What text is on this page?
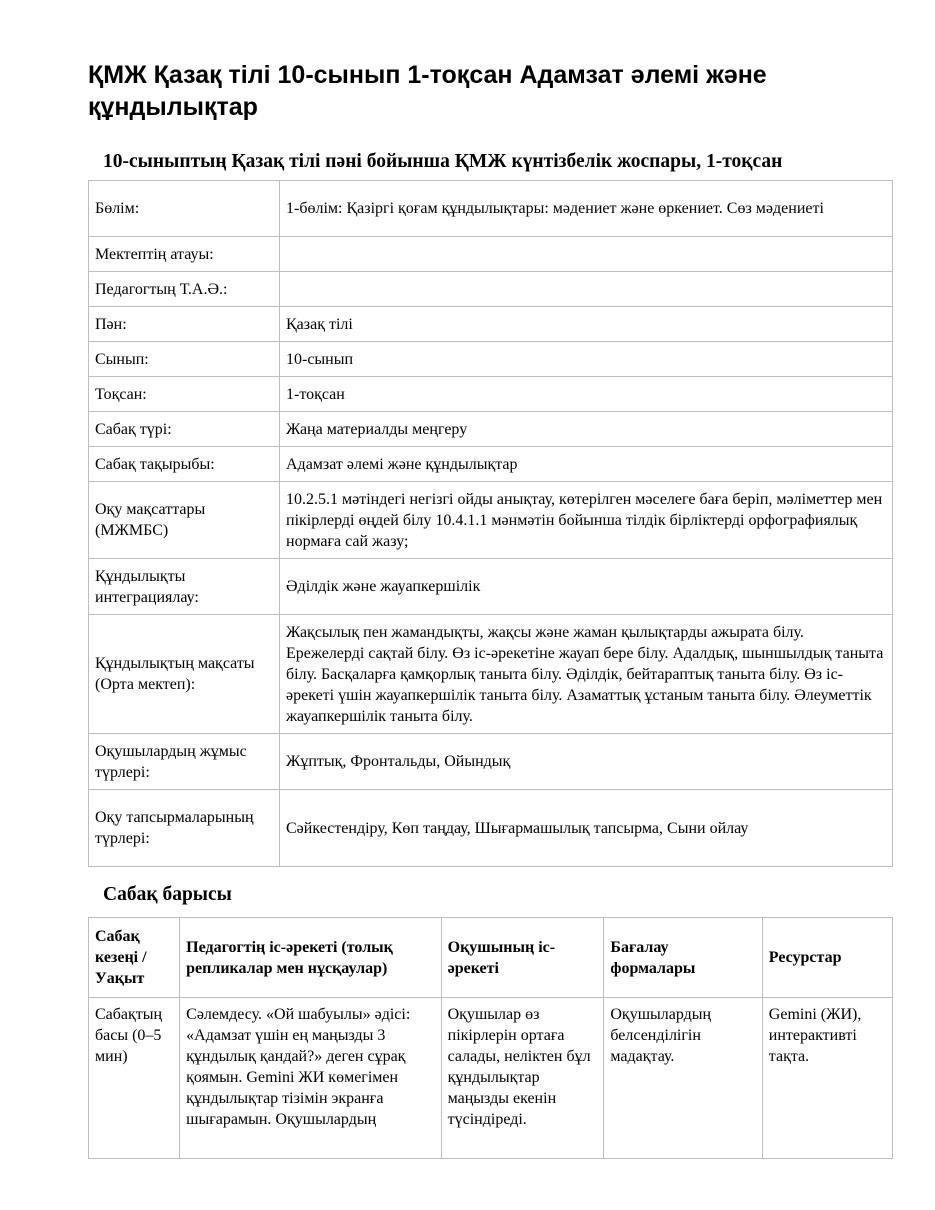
ҚМЖ Қазақ тілі 10-сынып 1-тоқсан Адамзат әлемі және құндылықтар
10-сыныптың Қазақ тілі пәні бойынша ҚМЖ күнтізбелік жоспары, 1-тоқсан
Бөлім:	1-бөлім: Қазіргі қоғам құндылықтары: мәдениет және өркениет. Сөз мәдениеті
Мектептің атауы:	
Педагогтың Т.А.Ә.:	
Пән:	Қазақ тілі
Сынып:	10-сынып
Тоқсан:	1-тоқсан
Сабақ түрі:	Жаңа материалды меңгеру
Сабақ тақырыбы:	Адамзат әлемі және құндылықтар
Оқу мақсаттары (МЖМБС)	10.2.5.1 мәтіндегі негізгі ойды анықтау, көтерілген мәселеге баға беріп, мәліметтер мен пікірлерді өңдей білу 10.4.1.1 мәнмәтін бойынша тілдік бірліктерді орфографиялық нормаға сай жазу;
Құндылықты интеграциялау:	Әділдік және жауапкершілік
Құндылықтың мақсаты (Орта мектеп):	Жақсылық пен жамандықты, жақсы және жаман қылықтарды ажырата білу. Ережелерді сақтай білу. Өз іс-әрекетіне жауап бере білу. Адалдық, шыншылдық таныта білу. Басқаларға қамқорлық таныта білу. Әділдік, бейтараптық таныта білу. Өз іс-әрекеті үшін жауапкершілік таныта білу. Азаматтық ұстаным таныта білу. Әлеуметтік жауапкершілік таныта білу.
Оқушылардың жұмыс түрлері:	Жұптық, Фронтальды, Ойындық
Оқу тапсырмаларының түрлері:	Сәйкестендіру, Көп таңдау, Шығармашылық тапсырма, Сыни ойлау
Сабақ барысы
Сабақ кезеңі / Уақыт	Педагогтің іс-әрекеті (толық репликалар мен нұсқаулар)	Оқушының іс-әрекеті	Бағалау формалары	Ресурстар
Сабақтың басы (0–5 мин)	Сәлемдесу. «Ой шабуылы» әдісі: «Адамзат үшін ең маңызды 3 құндылық қандай?» деген сұрақ қоямын. Gemini ЖИ көмегімен құндылықтар тізімін экранға шығарамын. Оқушылардың	Оқушылар өз пікірлерін ортаға салады, неліктен бұл құндылықтар маңызды екенін түсіндіреді.	Оқушылардың белсенділігін мадақтау.	Gemini (ЖИ), интерактивті тақта.
